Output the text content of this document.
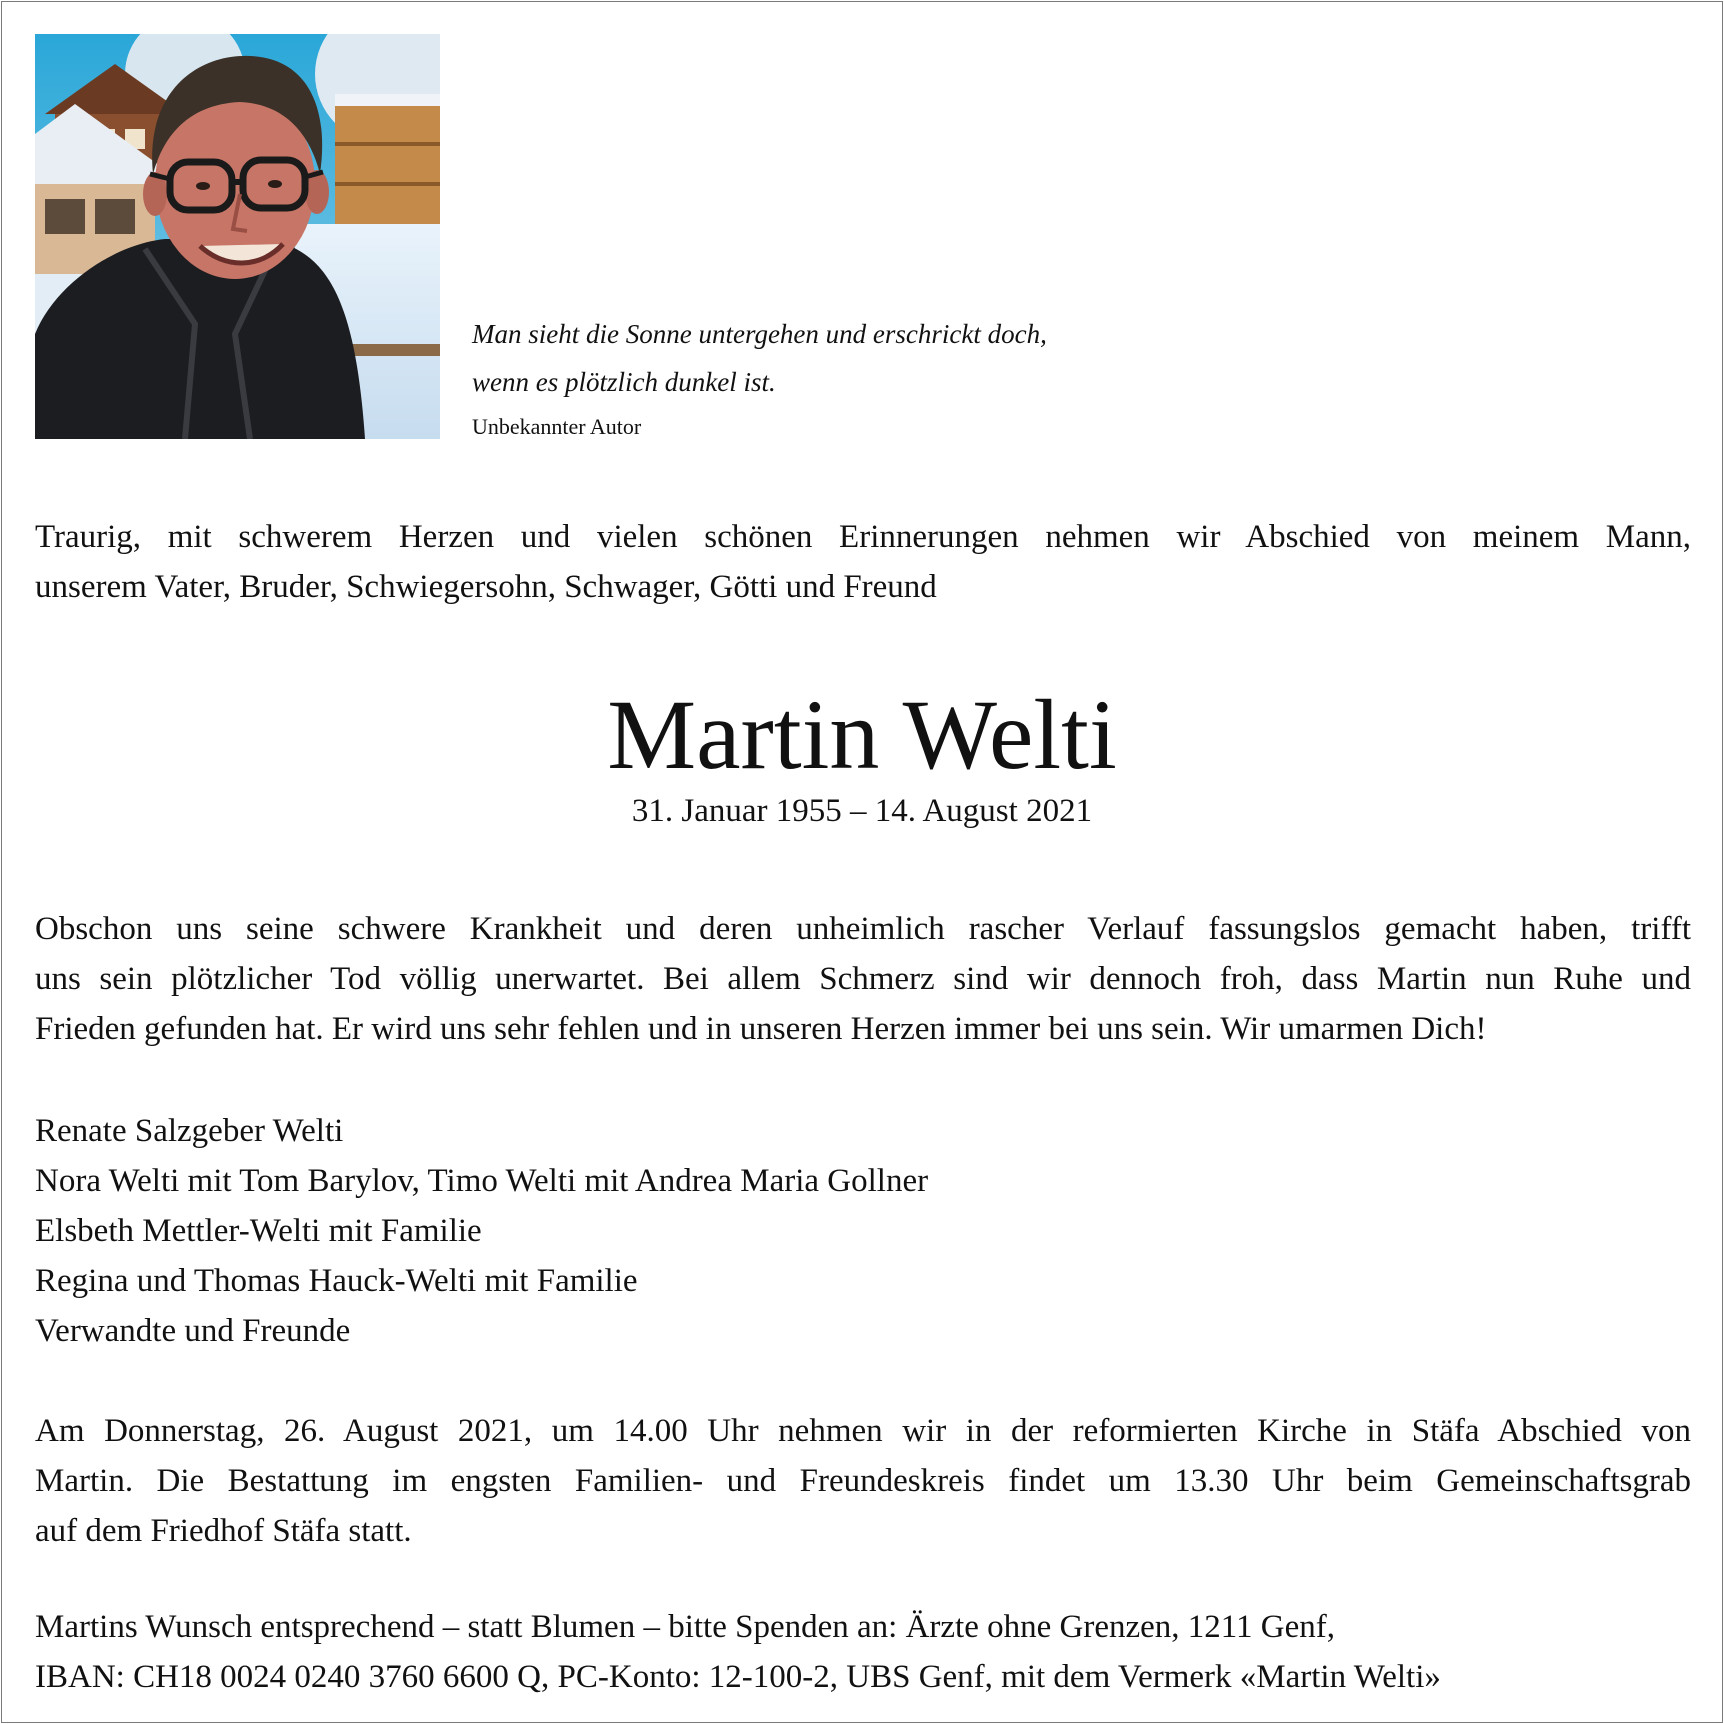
Man sieht die Sonne untergehen und erschrickt doch,
wenn es plötzlich dunkel ist.
Unbekannter Autor
Traurig, mit schwerem Herzen und vielen schönen Erinnerungen nehmen wir Abschied von meinem Mann,
unserem Vater, Bruder, Schwiegersohn, Schwager, Götti und Freund
Martin Welti
31. Januar 1955 – 14. August 2021
Obschon uns seine schwere Krankheit und deren unheimlich rascher Verlauf fassungslos gemacht haben, trifft
uns sein plötzlicher Tod völlig unerwartet. Bei allem Schmerz sind wir dennoch froh, dass Martin nun Ruhe und
Frieden gefunden hat. Er wird uns sehr fehlen und in unseren Herzen immer bei uns sein. Wir umarmen Dich!
Renate Salzgeber Welti
Nora Welti mit Tom Barylov, Timo Welti mit Andrea Maria Gollner
Elsbeth Mettler-Welti mit Familie
Regina und Thomas Hauck-Welti mit Familie
Verwandte und Freunde
Am Donnerstag, 26. August 2021, um 14.00 Uhr nehmen wir in der reformierten Kirche in Stäfa Abschied von
Martin. Die Bestattung im engsten Familien- und Freundeskreis findet um 13.30 Uhr beim Gemeinschaftsgrab
auf dem Friedhof Stäfa statt.
Martins Wunsch entsprechend – statt Blumen – bitte Spenden an: Ärzte ohne Grenzen, 1211 Genf,
IBAN: CH18 0024 0240 3760 6600 Q, PC-Konto: 12-100-2, UBS Genf, mit dem Vermerk «Martin Welti»
